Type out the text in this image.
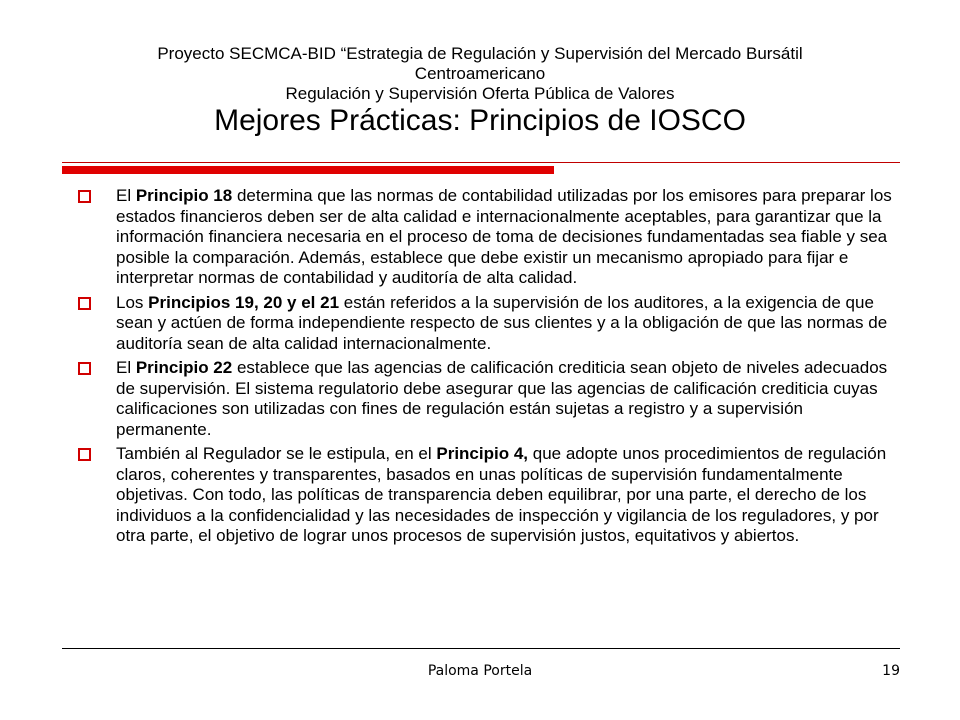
Proyecto SECMCA-BID “Estrategia de Regulación y Supervisión del Mercado Bursátil
Centroamericano
Regulación y Supervisión Oferta Pública de Valores
Mejores Prácticas: Principios de IOSCO
El Principio 18 determina que las normas de contabilidad utilizadas por los emisores para preparar los estados financieros deben ser de alta calidad e internacionalmente aceptables, para garantizar que la información financiera necesaria en el proceso de toma de decisiones fundamentadas sea fiable y sea posible la comparación. Además, establece que debe existir un mecanismo apropiado para fijar e interpretar normas de contabilidad y auditoría de alta calidad.
Los Principios 19, 20 y el 21 están referidos a la supervisión de los auditores, a la exigencia de que sean y actúen de forma independiente respecto de sus clientes y a la obligación de que las normas de auditoría sean de alta calidad internacionalmente.
El Principio 22 establece que las agencias de calificación crediticia sean objeto de niveles adecuados de supervisión. El sistema regulatorio debe asegurar que las agencias de calificación crediticia cuyas calificaciones son utilizadas con fines de regulación están sujetas a registro y a supervisión permanente.
También al Regulador se le estipula, en el Principio 4, que adopte unos procedimientos de regulación claros, coherentes y transparentes, basados en unas políticas de supervisión fundamentalmente objetivas. Con todo, las políticas de transparencia deben equilibrar, por una parte, el derecho de los individuos a la confidencialidad y las necesidades de inspección y vigilancia de los reguladores, y por otra parte, el objetivo de lograr unos procesos de supervisión justos, equitativos y abiertos.
Paloma Portela	19
